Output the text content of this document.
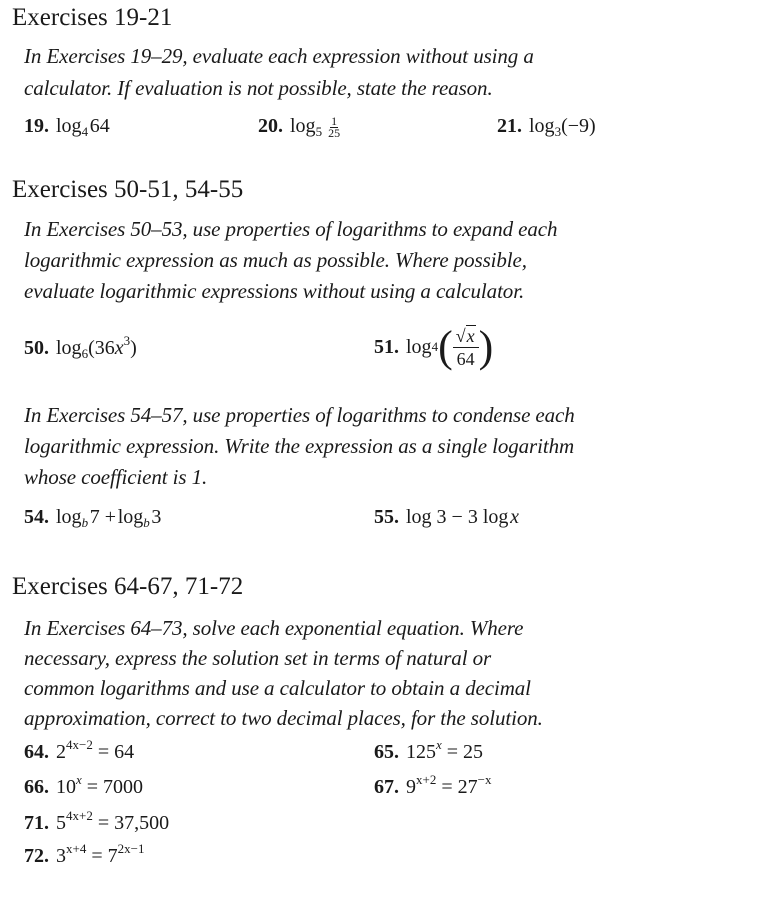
Exercises 19-21
In Exercises 19–29, evaluate each expression without using a
calculator. If evaluation is not possible, state the reason.
19. $\log_4$ 64	20. $\log_5 \frac{1}{25}$	21. $\log_3(-9)$
Exercises 50-51, 54-55
In Exercises 50–53, use properties of logarithms to expand each
logarithmic expression as much as possible. Where possible,
evaluate logarithmic expressions without using a calculator.
50. $\log_6(36x^3)$	51. log 4 ( √x
64 )
In Exercises 54–57, use properties of logarithms to condense each
logarithmic expression. Write the expression as a single logarithm
whose coefficient is 1.
54. $\log_b$ 7 + $\log_b$ 3	55. log 3 − 3 log x
Exercises 64-67, 71-72
In Exercises 64–73, solve each exponential equation. Where
necessary, express the solution set in terms of natural or
common logarithms and use a calculator to obtain a decimal
approximation, correct to two decimal places, for the solution.
64. $2^{4x-2} = 64$	65. $125^x = 25$
66. $10^x = 7000$	67. $9^{x+2} = 27^{-x}$
71. $5^{4x+2} = 37,500$
72. $3^{x+4} = 7^{2x-1}$
